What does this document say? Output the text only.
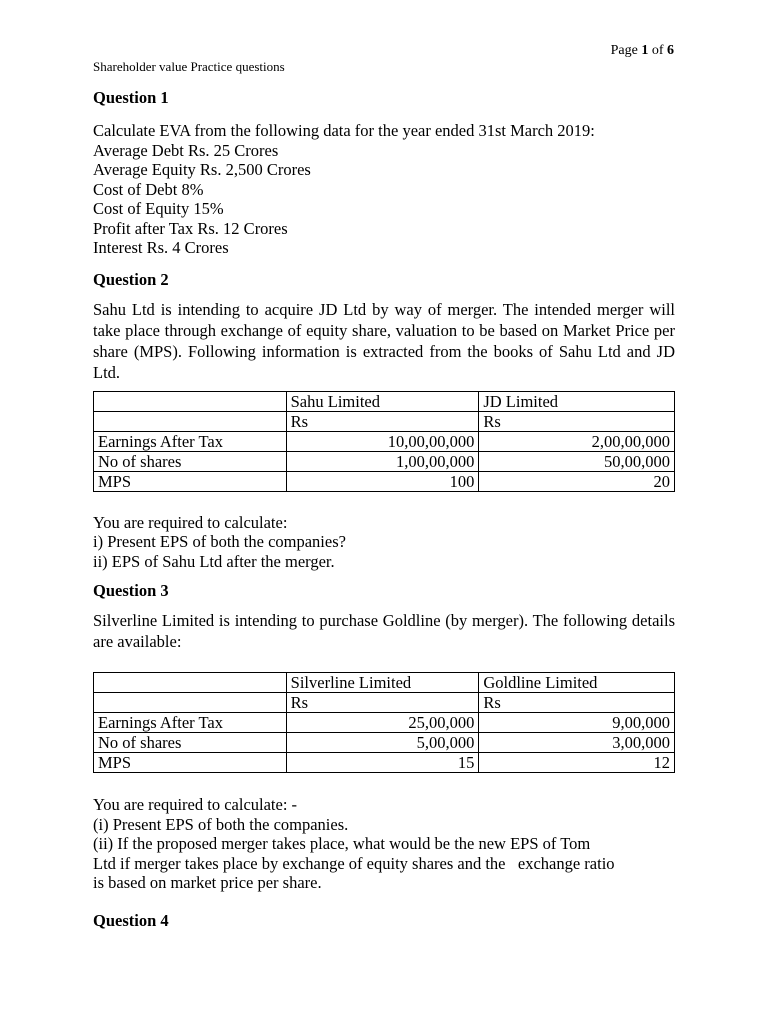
Page 1 of 6
Shareholder value Practice questions
Question 1

Calculate EVA from the following data for the year ended 31st March 2019:

Average Debt Rs. 25 Crores

Average Equity Rs. 2,500 Crores

Cost of Debt 8%

Cost of Equity 15%

Profit after Tax Rs. 12 Crores

Interest Rs. 4 Crores

Question 2

Sahu Ltd is intending to acquire JD Ltd by way of merger. The intended merger will take place through exchange of equity share, valuation to be based on Market Price per share (MPS). Following information is extracted from the books of Sahu Ltd and JD Ltd.

	Sahu Limited	JD Limited
	Rs	Rs
Earnings After Tax	10,00,00,000	2,00,00,000
No of shares	1,00,00,000	50,00,000
MPS	100	20

You are required to calculate:

i) Present EPS of both the companies?

ii) EPS of Sahu Ltd after the merger.

Question 3

Silverline Limited is intending to purchase Goldline (by merger). The following details are available:

	Silverline Limited	Goldline Limited
	Rs	Rs
Earnings After Tax	25,00,000	9,00,000
No of shares	5,00,000	3,00,000
MPS	15	12

You are required to calculate: -

(i) Present EPS of both the companies.

(ii) If the proposed merger takes place, what would be the new EPS of Tom

Ltd if merger takes place by exchange of equity shares and the   exchange ratio

is based on market price per share.

Question 4
